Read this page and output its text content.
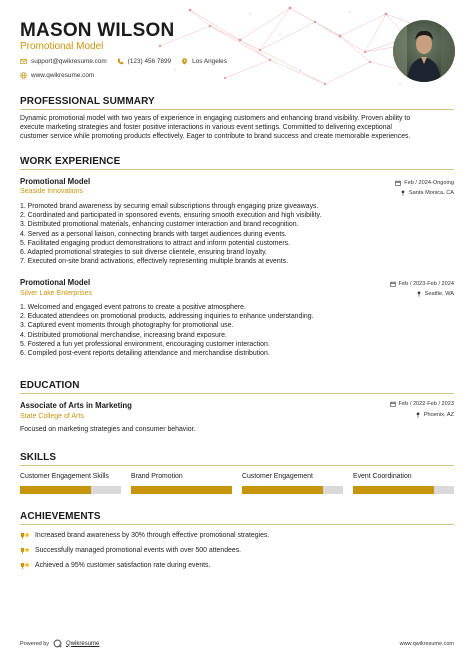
MASON WILSON
Promotional Model
support@qwikresume.com	(123) 456 7899	Los Angeles
www.qwikresume.com
PROFESSIONAL SUMMARY
Dynamic promotional model with two years of experience in engaging customers and enhancing brand visibility. Proven ability to
execute marketing strategies and foster positive interactions in various event settings. Committed to delivering exceptional
customer service while promoting products effectively. Eager to contribute to brand success and create memorable experiences.
WORK EXPERIENCE
Promotional Model
Seaside Innovations
Feb / 2024-Ongoing
Santa Monica, CA
1. Promoted brand awareness by securing email subscriptions through engaging prize giveaways.
2. Coordinated and participated in sponsored events, ensuring smooth execution and high visibility.
3. Distributed promotional materials, enhancing customer interaction and brand recognition.
4. Served as a personal liaison, connecting brands with target audiences during events.
5. Facilitated engaging product demonstrations to attract and inform potential customers.
6. Adapted promotional strategies to suit diverse clientele, ensuring brand loyalty.
7. Executed on-site brand activations, effectively representing multiple brands at events.
Promotional Model
Silver Lake Enterprises
Feb / 2023-Feb / 2024
Seattle, WA
1. Welcomed and engaged event patrons to create a positive atmosphere.
2. Educated attendees on promotional products, addressing inquiries to enhance understanding.
3. Captured event moments through photography for promotional use.
4. Distributed promotional merchandise, increasing brand exposure.
5. Fostered a fun yet professional environment, encouraging customer interaction.
6. Compiled post-event reports detailing attendance and merchandise distribution.
EDUCATION
Associate of Arts in Marketing
State College of Arts
Feb / 2022-Feb / 2023
Phoenix, AZ
Focused on marketing strategies and consumer behavior.
SKILLS
Customer Engagement Skills	Brand Promotion	Customer Engagement	Event Coordination
ACHIEVEMENTS
Increased brand awareness by 30% through effective promotional strategies.
Successfully managed promotional events with over 500 attendees.
Achieved a 95% customer satisfaction rate during events.
Powered by	Qwikresume	www.qwikresume.com
